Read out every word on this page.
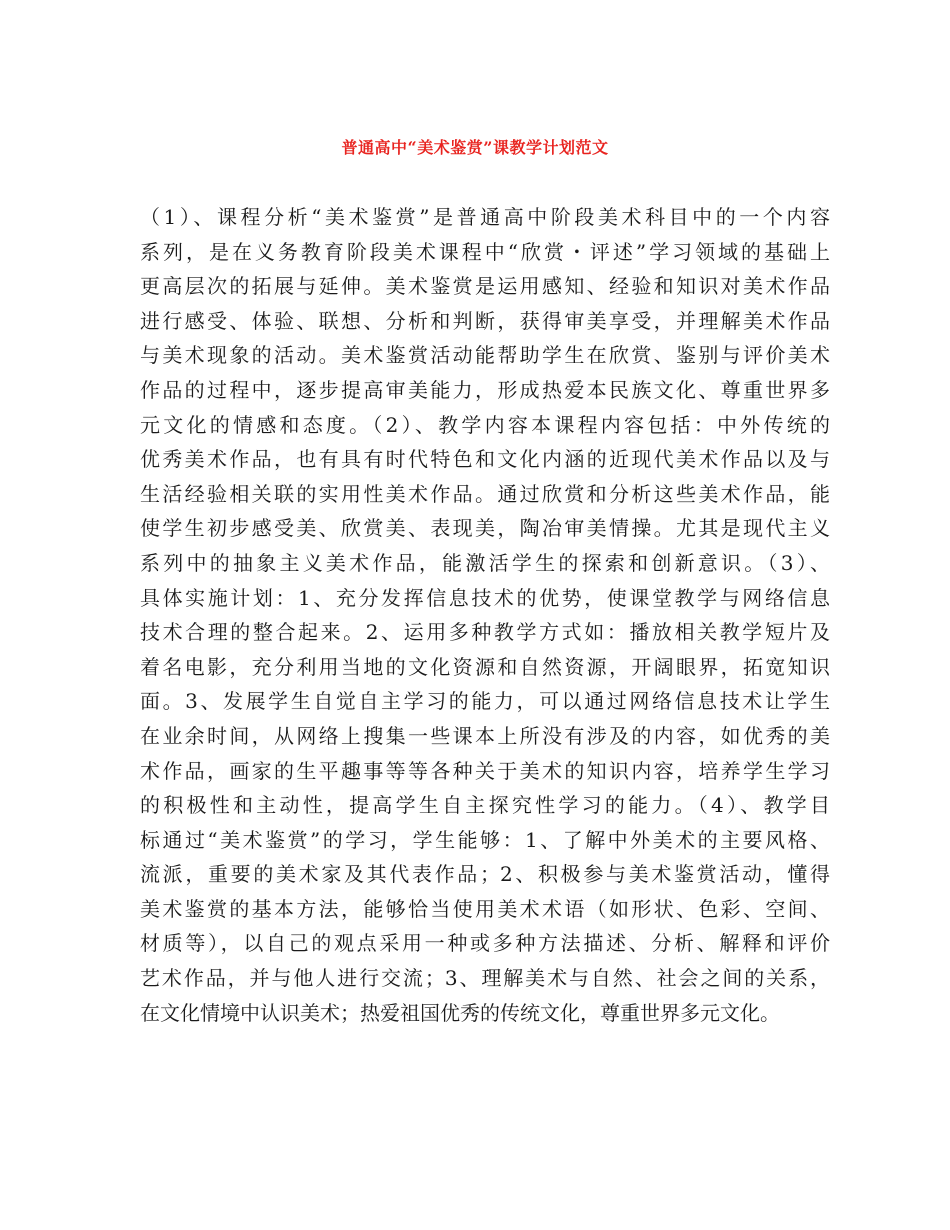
普通高中“美术鉴赏”课教学计划范文
（1）、课程分析“美术鉴赏”是普通高中阶段美术科目中的一个内容
系列，是在义务教育阶段美术课程中“欣赏・评述”学习领域的基础上
更高层次的拓展与延伸。美术鉴赏是运用感知、经验和知识对美术作品
进行感受、体验、联想、分析和判断，获得审美享受，并理解美术作品
与美术现象的活动。美术鉴赏活动能帮助学生在欣赏、鉴别与评价美术
作品的过程中，逐步提高审美能力，形成热爱本民族文化、尊重世界多
元文化的情感和态度。（2）、教学内容本课程内容包括：中外传统的
优秀美术作品，也有具有时代特色和文化内涵的近现代美术作品以及与
生活经验相关联的实用性美术作品。通过欣赏和分析这些美术作品，能
使学生初步感受美、欣赏美、表现美，陶冶审美情操。尤其是现代主义
系列中的抽象主义美术作品，能激活学生的探索和创新意识。（3）、
具体实施计划：1、充分发挥信息技术的优势，使课堂教学与网络信息
技术合理的整合起来。2、运用多种教学方式如：播放相关教学短片及
着名电影，充分利用当地的文化资源和自然资源，开阔眼界，拓宽知识
面。3、发展学生自觉自主学习的能力，可以通过网络信息技术让学生
在业余时间，从网络上搜集一些课本上所没有涉及的内容，如优秀的美
术作品，画家的生平趣事等等各种关于美术的知识内容，培养学生学习
的积极性和主动性，提高学生自主探究性学习的能力。（4）、教学目
标通过“美术鉴赏”的学习，学生能够：1、了解中外美术的主要风格、
流派，重要的美术家及其代表作品；2、积极参与美术鉴赏活动，懂得
美术鉴赏的基本方法，能够恰当使用美术术语（如形状、色彩、空间、
材质等），以自己的观点采用一种或多种方法描述、分析、解释和评价
艺术作品，并与他人进行交流；3、理解美术与自然、社会之间的关系，
在文化情境中认识美术；热爱祖国优秀的传统文化，尊重世界多元文化。
